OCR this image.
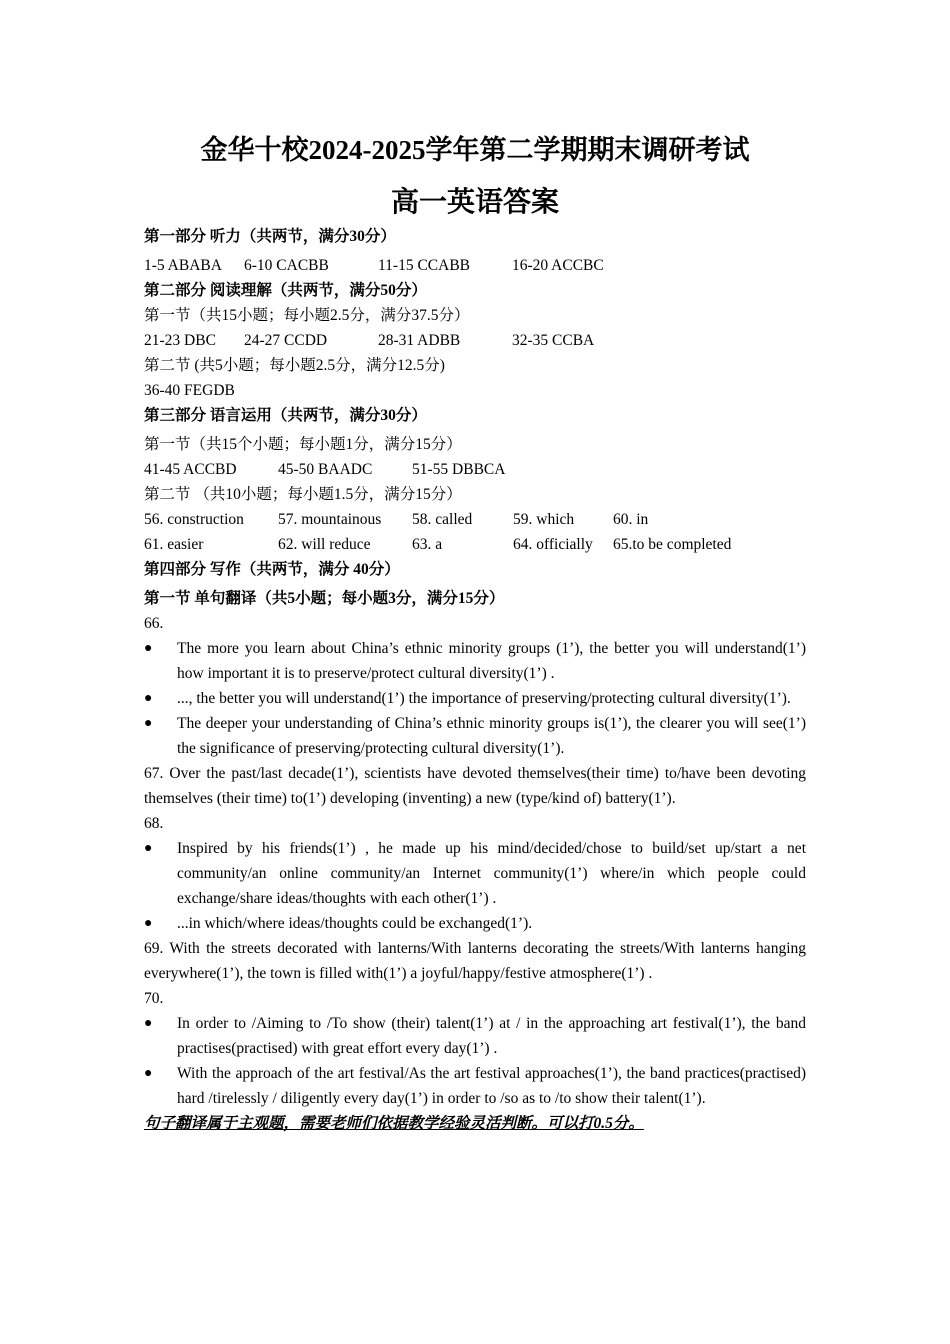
金华十校2024-2025学年第二学期期末调研考试
高一英语答案
第一部分 听力（共两节，满分30分）
1-5 ABABA	6-10 CACBB	11-15 CCABB	16-20 ACCBC
第二部分 阅读理解（共两节，满分50分）
第一节（共15小题；每小题2.5分，满分37.5分）
21-23 DBC	24-27 CCDD	28-31 ADBB	32-35 CCBA
第二节 (共5小题；每小题2.5分，满分12.5分)
36-40 FEGDB
第三部分 语言运用（共两节，满分30分）
第一节（共15个小题；每小题1分，满分15分）
41-45 ACCBD	45-50 BAADC	51-55 DBBCA
第二节 （共10小题；每小题1.5分，满分15分）
56. construction	57. mountainous	58. called	59. which	60. in
61. easier	62. will reduce	63. a	64. officially	65.to be completed
第四部分 写作（共两节，满分 40分）
第一节 单句翻译（共5小题；每小题3分，满分15分）
66.
●	The more you learn about China’s ethnic minority groups (1’), the better you will understand(1’) how important it is to preserve/protect cultural diversity(1’) .
●	..., the better you will understand(1’) the importance of preserving/protecting cultural diversity(1’).
●	The deeper your understanding of China’s ethnic minority groups is(1’), the clearer you will see(1’) the significance of preserving/protecting cultural diversity(1’).
67. Over the past/last decade(1’), scientists have devoted themselves(their time) to/have been devoting themselves (their time) to(1’) developing (inventing) a new (type/kind of) battery(1’).
68.
●	Inspired by his friends(1’) , he made up his mind/decided/chose to build/set up/start a net community/an online community/an Internet community(1’) where/in which people could exchange/share ideas/thoughts with each other(1’) .
●	...in which/where ideas/thoughts could be exchanged(1’).
69. With the streets decorated with lanterns/With lanterns decorating the streets/With lanterns hanging everywhere(1’), the town is filled with(1’) a joyful/happy/festive atmosphere(1’) .
70.
●	In order to /Aiming to /To show (their) talent(1’) at / in the approaching art festival(1’), the band practises(practised) with great effort every day(1’) .
●	With the approach of the art festival/As the art festival approaches(1’), the band practices(practised) hard /tirelessly / diligently every day(1’) in order to /so as to /to show their talent(1’).
句子翻译属于主观题，需要老师们依据教学经验灵活判断。可以打0.5分。
